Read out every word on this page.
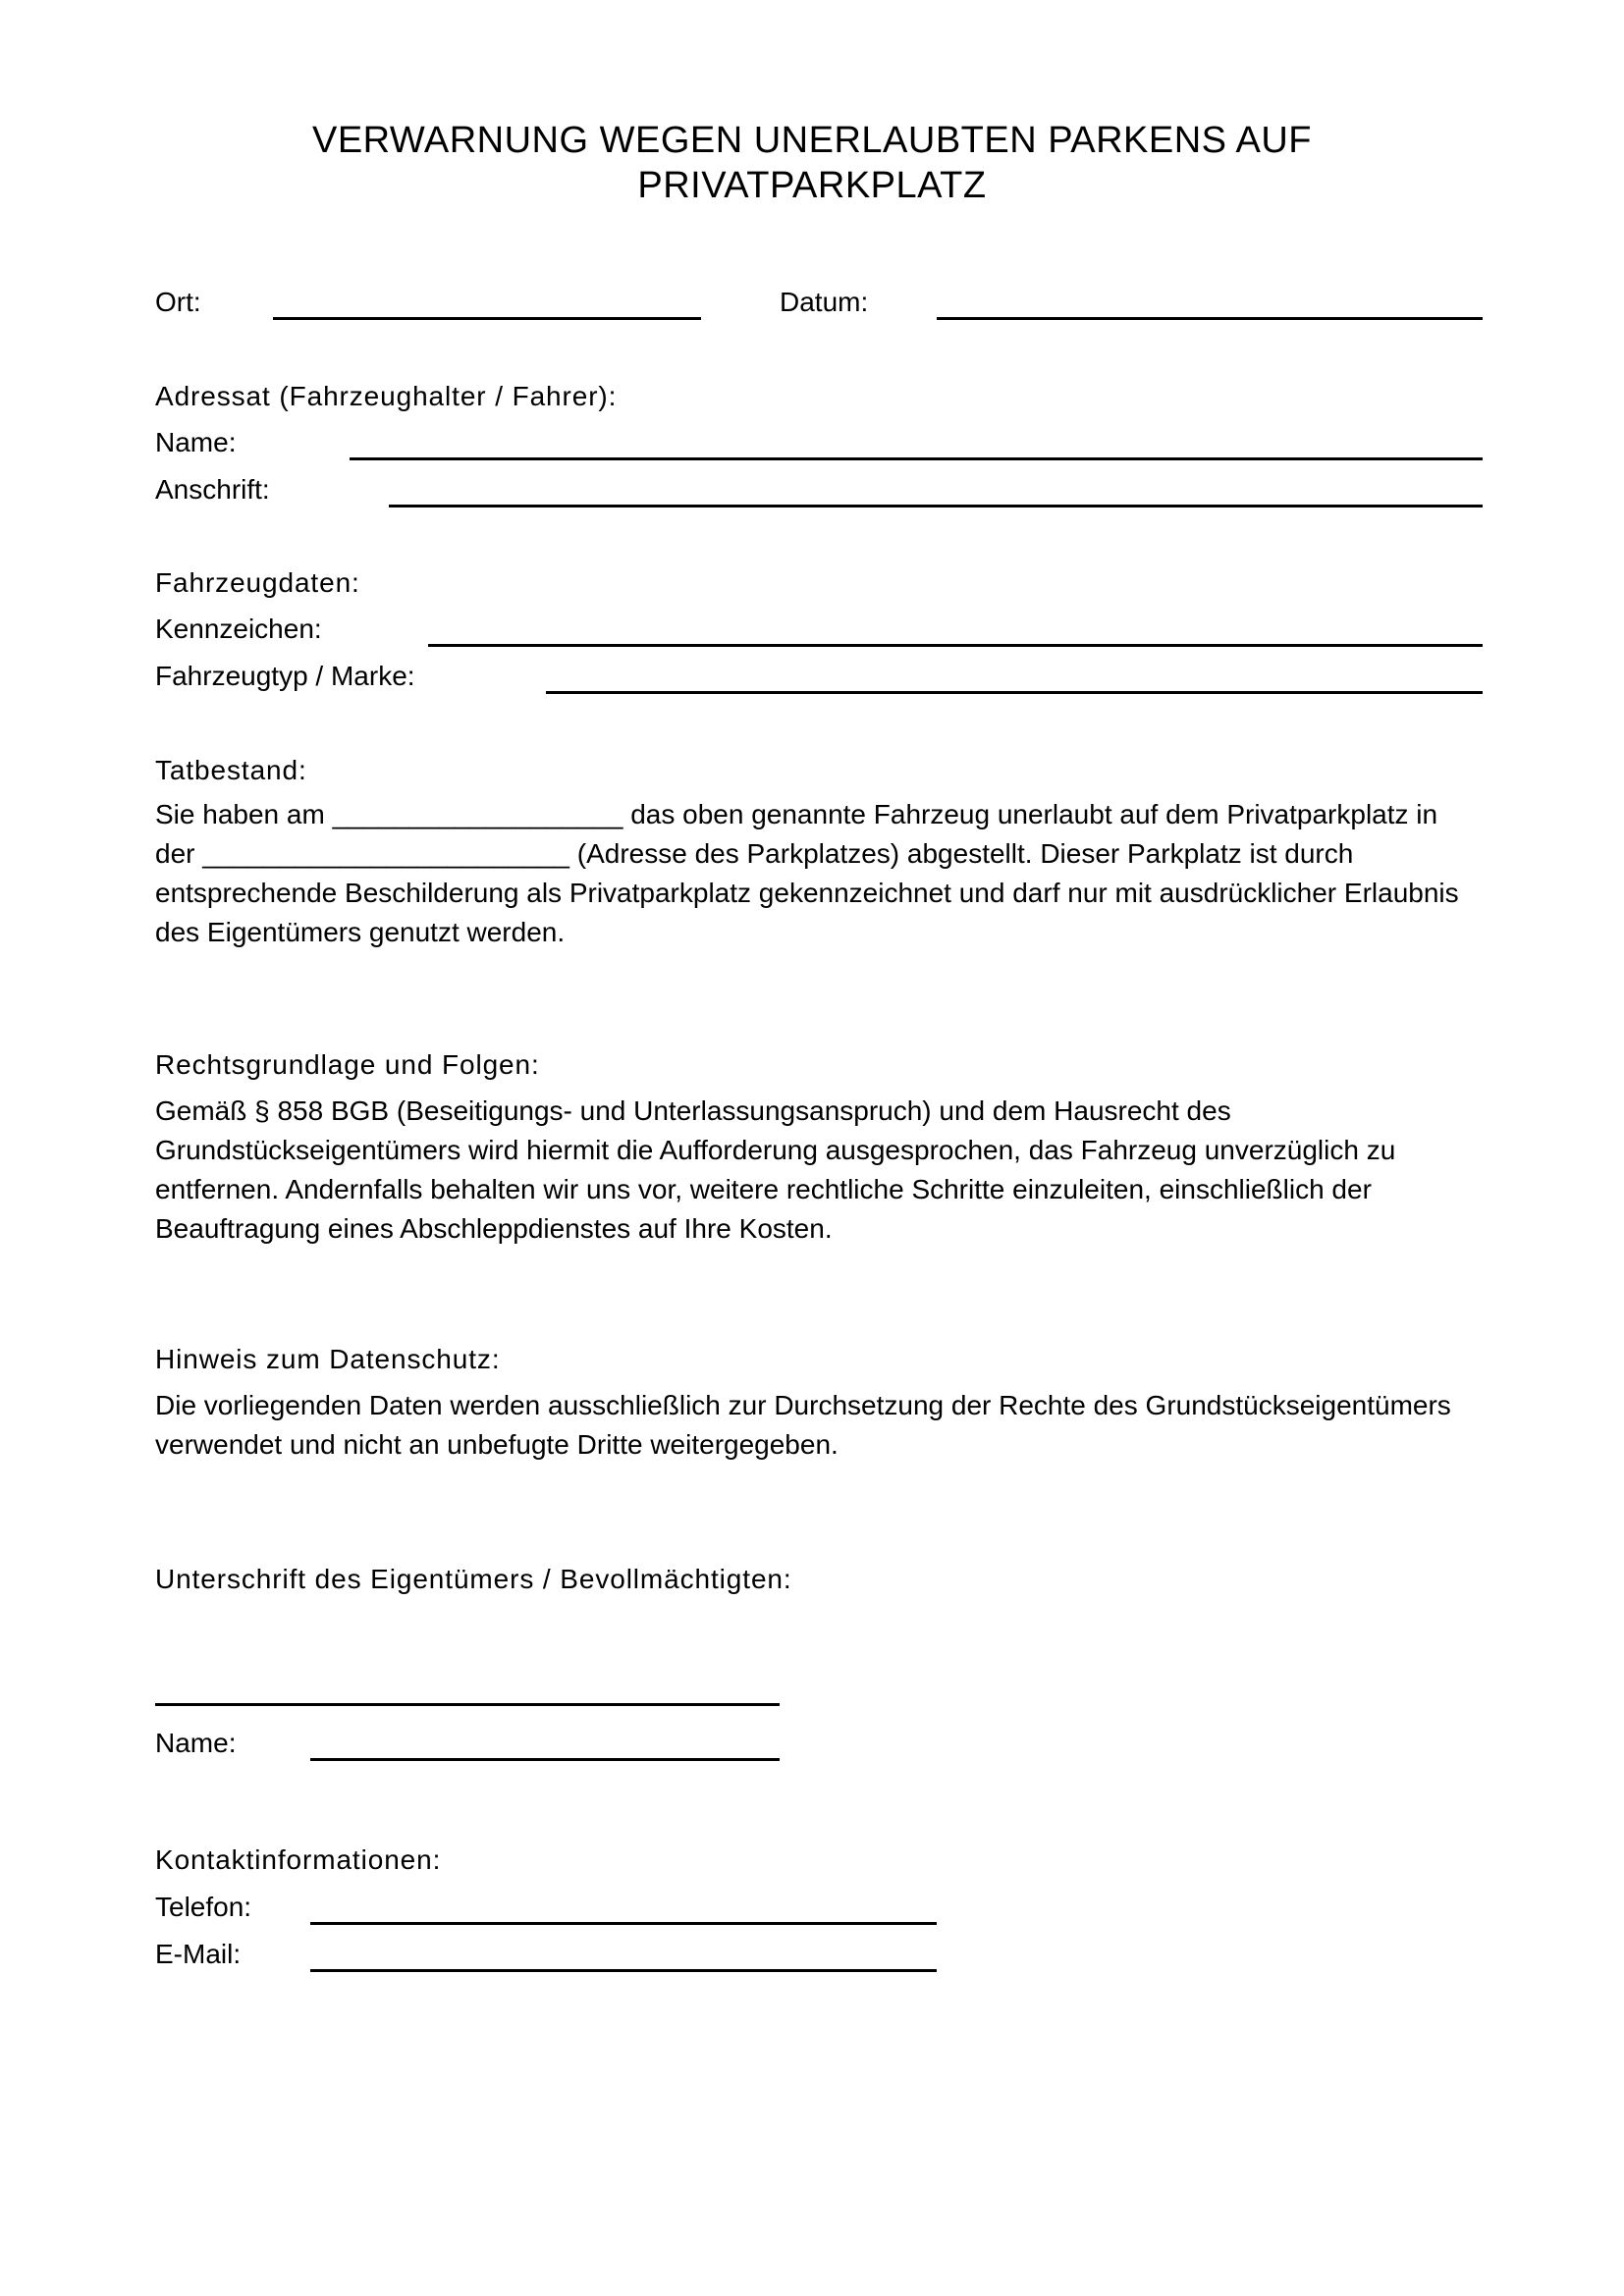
VERWARNUNG WEGEN UNERLAUBTEN PARKENS AUF
PRIVATPARKPLATZ
Ort:	Datum:
Adressat (Fahrzeughalter / Fahrer):
Name:
Anschrift:
Fahrzeugdaten:
Kennzeichen:
Fahrzeugtyp / Marke:
Tatbestand:
Sie haben am ___________________ das oben genannte Fahrzeug unerlaubt auf dem Privatparkplatz in
der ________________________ (Adresse des Parkplatzes) abgestellt. Dieser Parkplatz ist durch
entsprechende Beschilderung als Privatparkplatz gekennzeichnet und darf nur mit ausdrücklicher Erlaubnis
des Eigentümers genutzt werden.
Rechtsgrundlage und Folgen:
Gemäß § 858 BGB (Beseitigungs- und Unterlassungsanspruch) und dem Hausrecht des
Grundstückseigentümers wird hiermit die Aufforderung ausgesprochen, das Fahrzeug unverzüglich zu
entfernen. Andernfalls behalten wir uns vor, weitere rechtliche Schritte einzuleiten, einschließlich der
Beauftragung eines Abschleppdienstes auf Ihre Kosten.
Hinweis zum Datenschutz:
Die vorliegenden Daten werden ausschließlich zur Durchsetzung der Rechte des Grundstückseigentümers
verwendet und nicht an unbefugte Dritte weitergegeben.
Unterschrift des Eigentümers / Bevollmächtigten:
Name:
Kontaktinformationen:
Telefon:
E-Mail:
